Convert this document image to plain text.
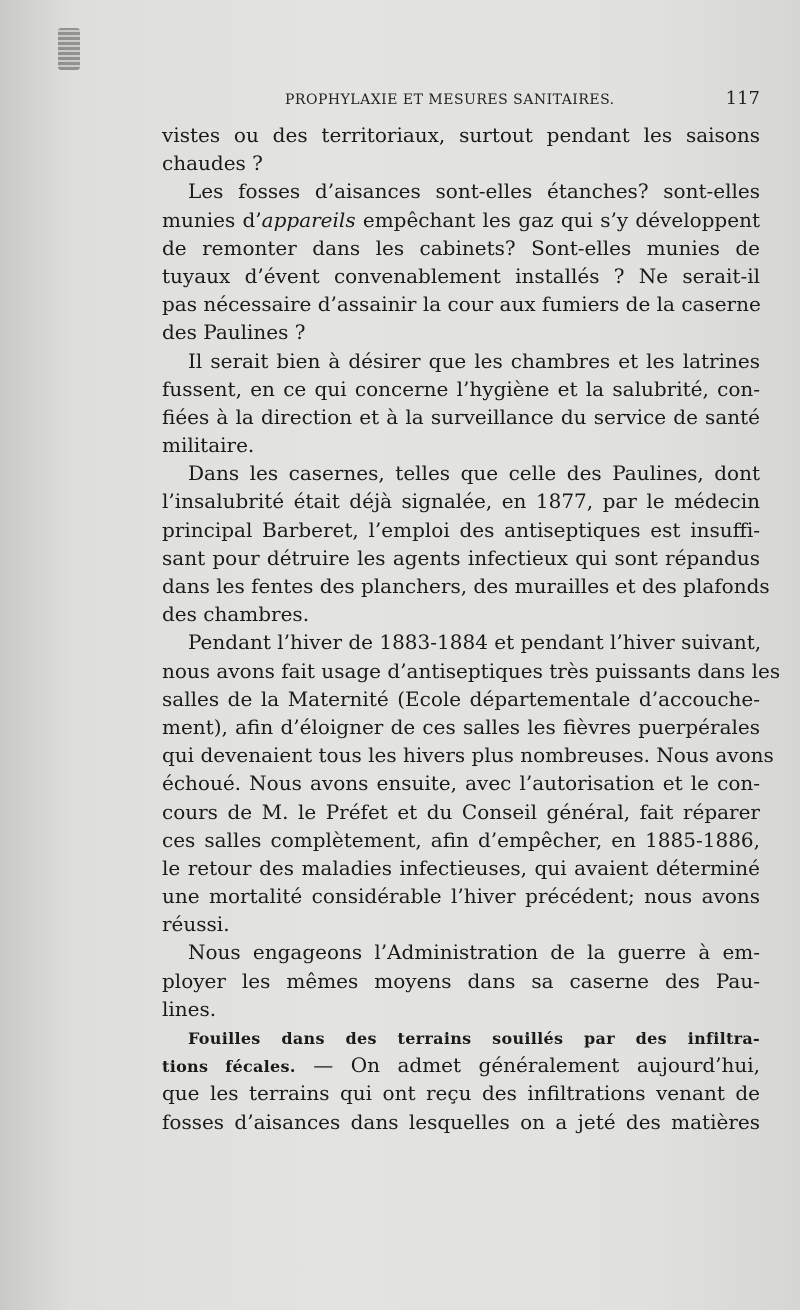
PROPHYLAXIE ET MESURES SANITAIRES.	117
vistes ou des territoriaux, surtout pendant les saisons
chaudes ?
Les fosses d’aisances sont-elles étanches? sont-elles
munies d’appareils empêchant les gaz qui s’y développent
de remonter dans les cabinets? Sont-elles munies de
tuyaux d’évent convenablement installés ? Ne serait-il
pas nécessaire d’assainir la cour aux fumiers de la caserne
des Paulines ?
Il serait bien à désirer que les chambres et les latrines
fussent, en ce qui concerne l’hygiène et la salubrité, con-
fiées à la direction et à la surveillance du service de santé
militaire.
Dans les casernes, telles que celle des Paulines, dont
l’insalubrité était déjà signalée, en 1877, par le médecin
principal Barberet, l’emploi des antiseptiques est insuffi-
sant pour détruire les agents infectieux qui sont répandus
dans les fentes des planchers, des murailles et des plafonds
des chambres.
Pendant l’hiver de 1883-1884 et pendant l’hiver suivant,
nous avons fait usage d’antiseptiques très puissants dans les
salles de la Maternité (Ecole départementale d’accouche-
ment), afin d’éloigner de ces salles les fièvres puerpérales
qui devenaient tous les hivers plus nombreuses. Nous avons
échoué. Nous avons ensuite, avec l’autorisation et le con-
cours de M. le Préfet et du Conseil général, fait réparer
ces salles complètement, afin d’empêcher, en 1885-1886,
le retour des maladies infectieuses, qui avaient déterminé
une mortalité considérable l’hiver précédent; nous avons
réussi.
Nous engageons l’Administration de la guerre à em-
ployer les mêmes moyens dans sa caserne des Pau-
lines.
Fouilles dans des terrains souillés par des infiltra-
tions fécales. — On admet généralement aujourd’hui,
que les terrains qui ont reçu des infiltrations venant de
fosses d’aisances dans lesquelles on a jeté des matières
